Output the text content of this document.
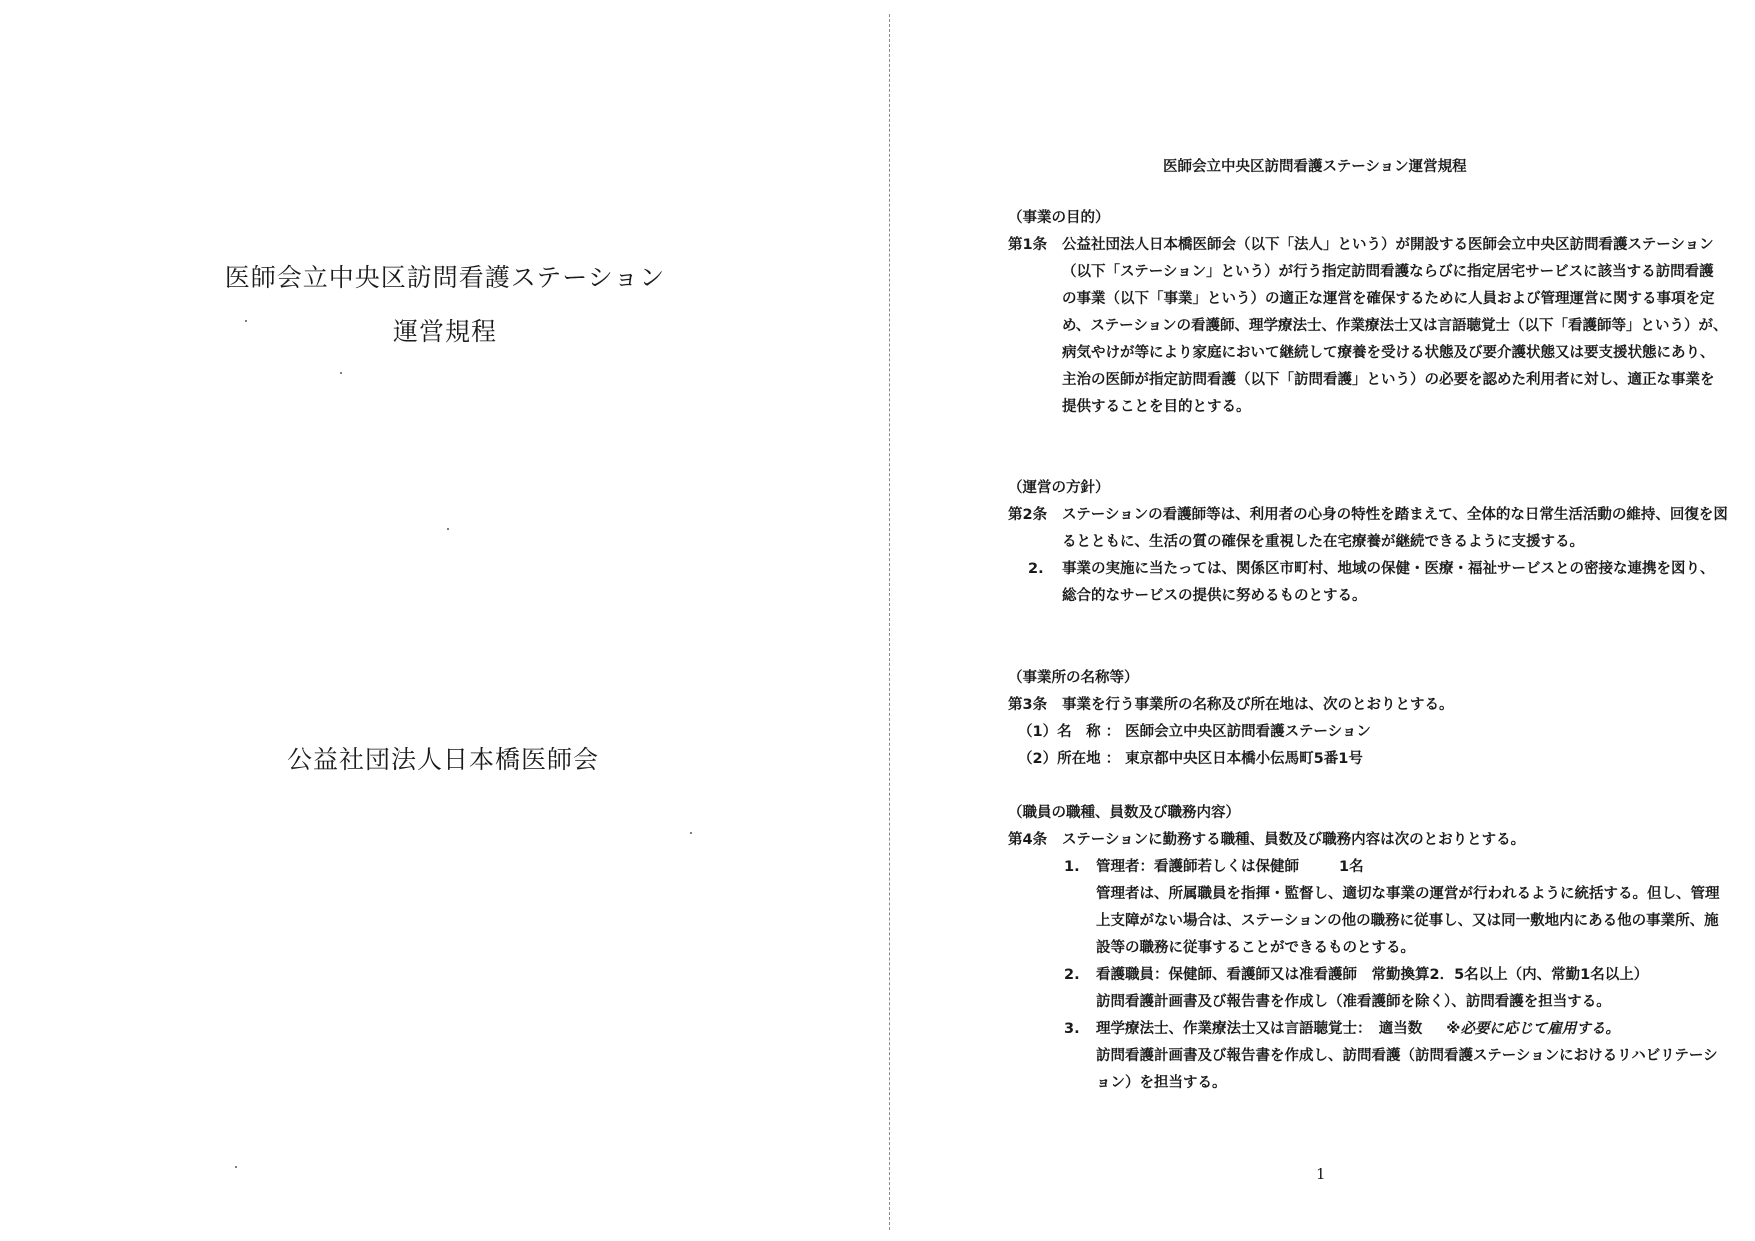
医師会立中央区訪問看護ステーション
運営規程
公益社団法人日本橋医師会
医師会立中央区訪問看護ステーション運営規程
（事業の目的）
第1条	公益社団法人日本橋医師会（以下「法人」という）が開設する医師会立中央区訪問看護ステーション（以下「ステーション」という）が行う指定訪問看護ならびに指定居宅サービスに該当する訪問看護の事業（以下「事業」という）の適正な運営を確保するために人員および管理運営に関する事項を定め、ステーションの看護師、理学療法士、作業療法士又は言語聴覚士（以下「看護師等」という）が、病気やけが等により家庭において継続して療養を受ける状態及び要介護状態又は要支援状態にあり、主治の医師が指定訪問看護（以下「訪問看護」という）の必要を認めた利用者に対し、適正な事業を提供することを目的とする。
（運営の方針）
第2条	ステーションの看護師等は、利用者の心身の特性を踏まえて、全体的な日常生活活動の維持、回復を図るとともに、生活の質の確保を重視した在宅療養が継続できるように支援する。
2.	事業の実施に当たっては、関係区市町村、地域の保健・医療・福祉サービスとの密接な連携を図り、総合的なサービスの提供に努めるものとする。
（事業所の名称等）
第3条	事業を行う事業所の名称及び所在地は、次のとおりとする。
（1）名　称 ： 医師会立中央区訪問看護ステーション
（2）所在地 ： 東京都中央区日本橋小伝馬町5番1号
（職員の職種、員数及び職務内容）
第4条	ステーションに勤務する職種、員数及び職務内容は次のとおりとする。
1.	管理者：看護師若しくは保健師	1名
管理者は、所属職員を指揮・監督し、適切な事業の運営が行われるように統括する。但し、管理上支障がない場合は、ステーションの他の職務に従事し、又は同一敷地内にある他の事業所、施設等の職務に従事することができるものとする。
2.	看護職員：保健師、看護師又は准看護師　常勤換算2．5名以上（内、常勤1名以上）
訪問看護計画書及び報告書を作成し（准看護師を除く）、訪問看護を担当する。
3.	理学療法士、作業療法士又は言語聴覚士：　適当数 ※必要に応じて雇用する。
訪問看護計画書及び報告書を作成し、訪問看護（訪問看護ステーションにおけるリハビリテーション）を担当する。
1
